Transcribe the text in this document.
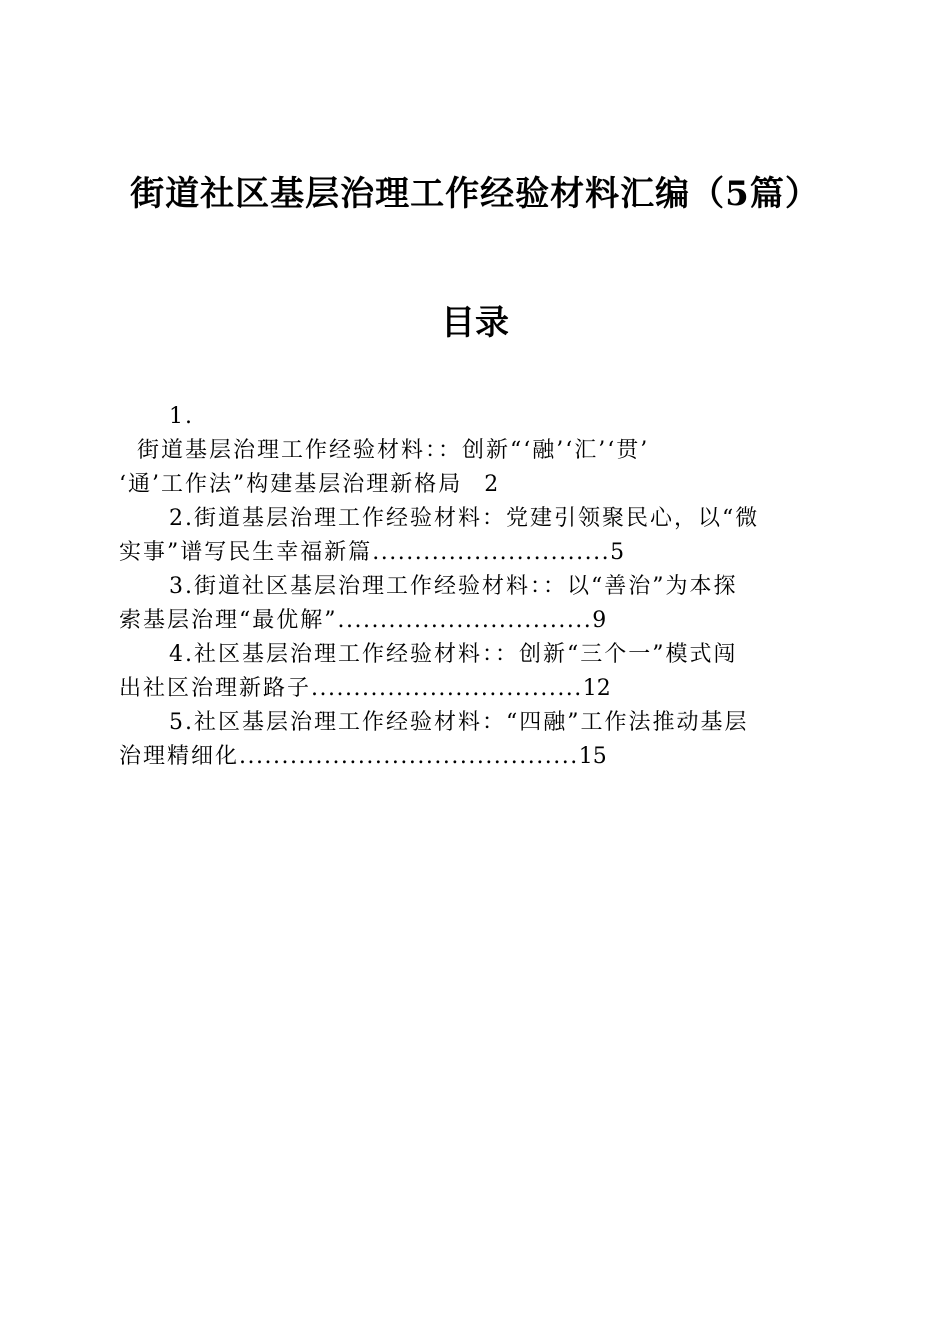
街道社区基层治理工作经验材料汇编（5篇）
目录
1.
街道基层治理工作经验材料：：创新“‘融’‘汇’‘贯’
‘通’工作法”构建基层治理新格局 2
2.街道基层治理工作经验材料：党建引领聚民心，以“微
实事”谱写民生幸福新篇............................5
3.街道社区基层治理工作经验材料：：以“善治”为本探
索基层治理“最优解”..............................9
4.社区基层治理工作经验材料：：创新“三个一”模式闯
出社区治理新路子................................12
5.社区基层治理工作经验材料：“四融”工作法推动基层
治理精细化........................................15
